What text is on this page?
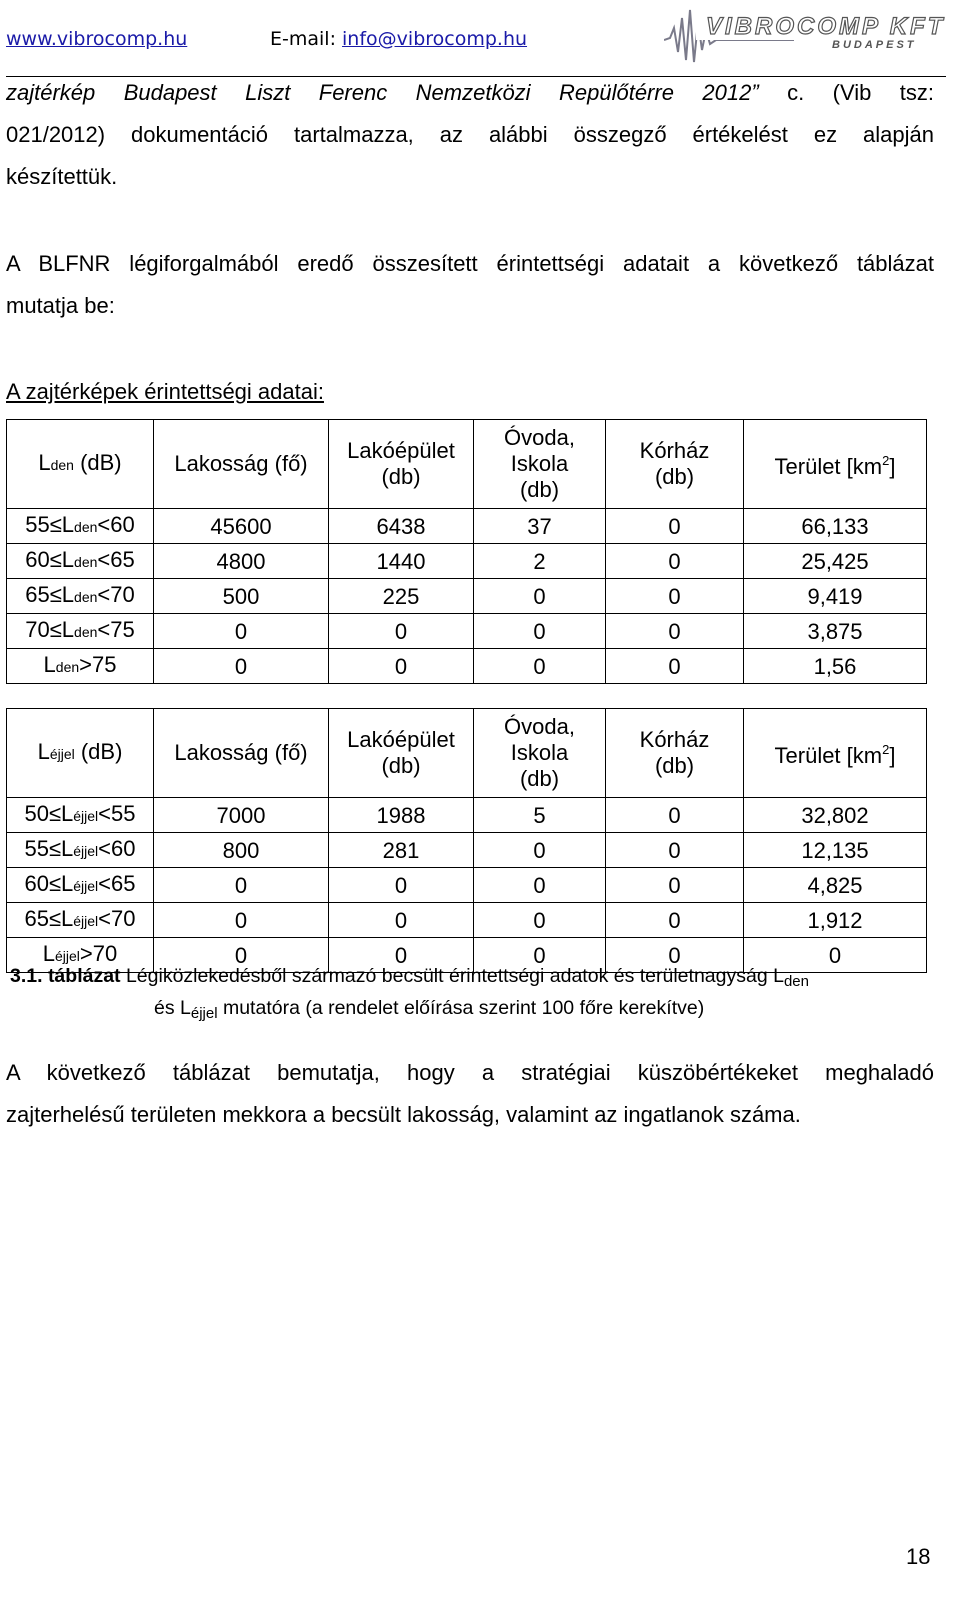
www.vibrocomp.hu	E-mail: info@vibrocomp.hu	VIBROCOMP KFT
BUDAPEST
zajtérkép Budapest Liszt Ferenc Nemzetközi Repülőtérre 2012” c. (Vib tsz:
021/2012) dokumentáció tartalmazza, az alábbi összegző értékelést ez alapján
készítettük.
A BLFNR légiforgalmából eredő összesített érintettségi adatait a következő táblázat
mutatja be:
A zajtérképek érintettségi adatai:
Lden (dB)	Lakosság (fő)	Lakóépület
(db)	Óvoda,
Iskola
(db)	Kórház
(db)	Terület $[km^2]$
55≤Lden<60	45600	6438	37	0	66,133
60≤Lden<65	4800	1440	2	0	25,425
65≤Lden<70	500	225	0	0	9,419
70≤Lden<75	0	0	0	0	3,875
Lden>75	0	0	0	0	1,56
Léjjel (dB)	Lakosság (fő)	Lakóépület
(db)	Óvoda,
Iskola
(db)	Kórház
(db)	Terület $[km^2]$
50≤Léjjel<55	7000	1988	5	0	32,802
55≤Léjjel<60	800	281	0	0	12,135
60≤Léjjel<65	0	0	0	0	4,825
65≤Léjjel<70	0	0	0	0	1,912
Léjjel>70	0	0	0	0	0
3.1. táblázat Légiközlekedésből származó becsült érintettségi adatok és területnagyság $L_{den}$
és $L_{éjjel}$ mutatóra (a rendelet előírása szerint 100 főre kerekítve)
A következő táblázat bemutatja, hogy a stratégiai küszöbértékeket meghaladó
zajterhelésű területen mekkora a becsült lakosság, valamint az ingatlanok száma.
18
